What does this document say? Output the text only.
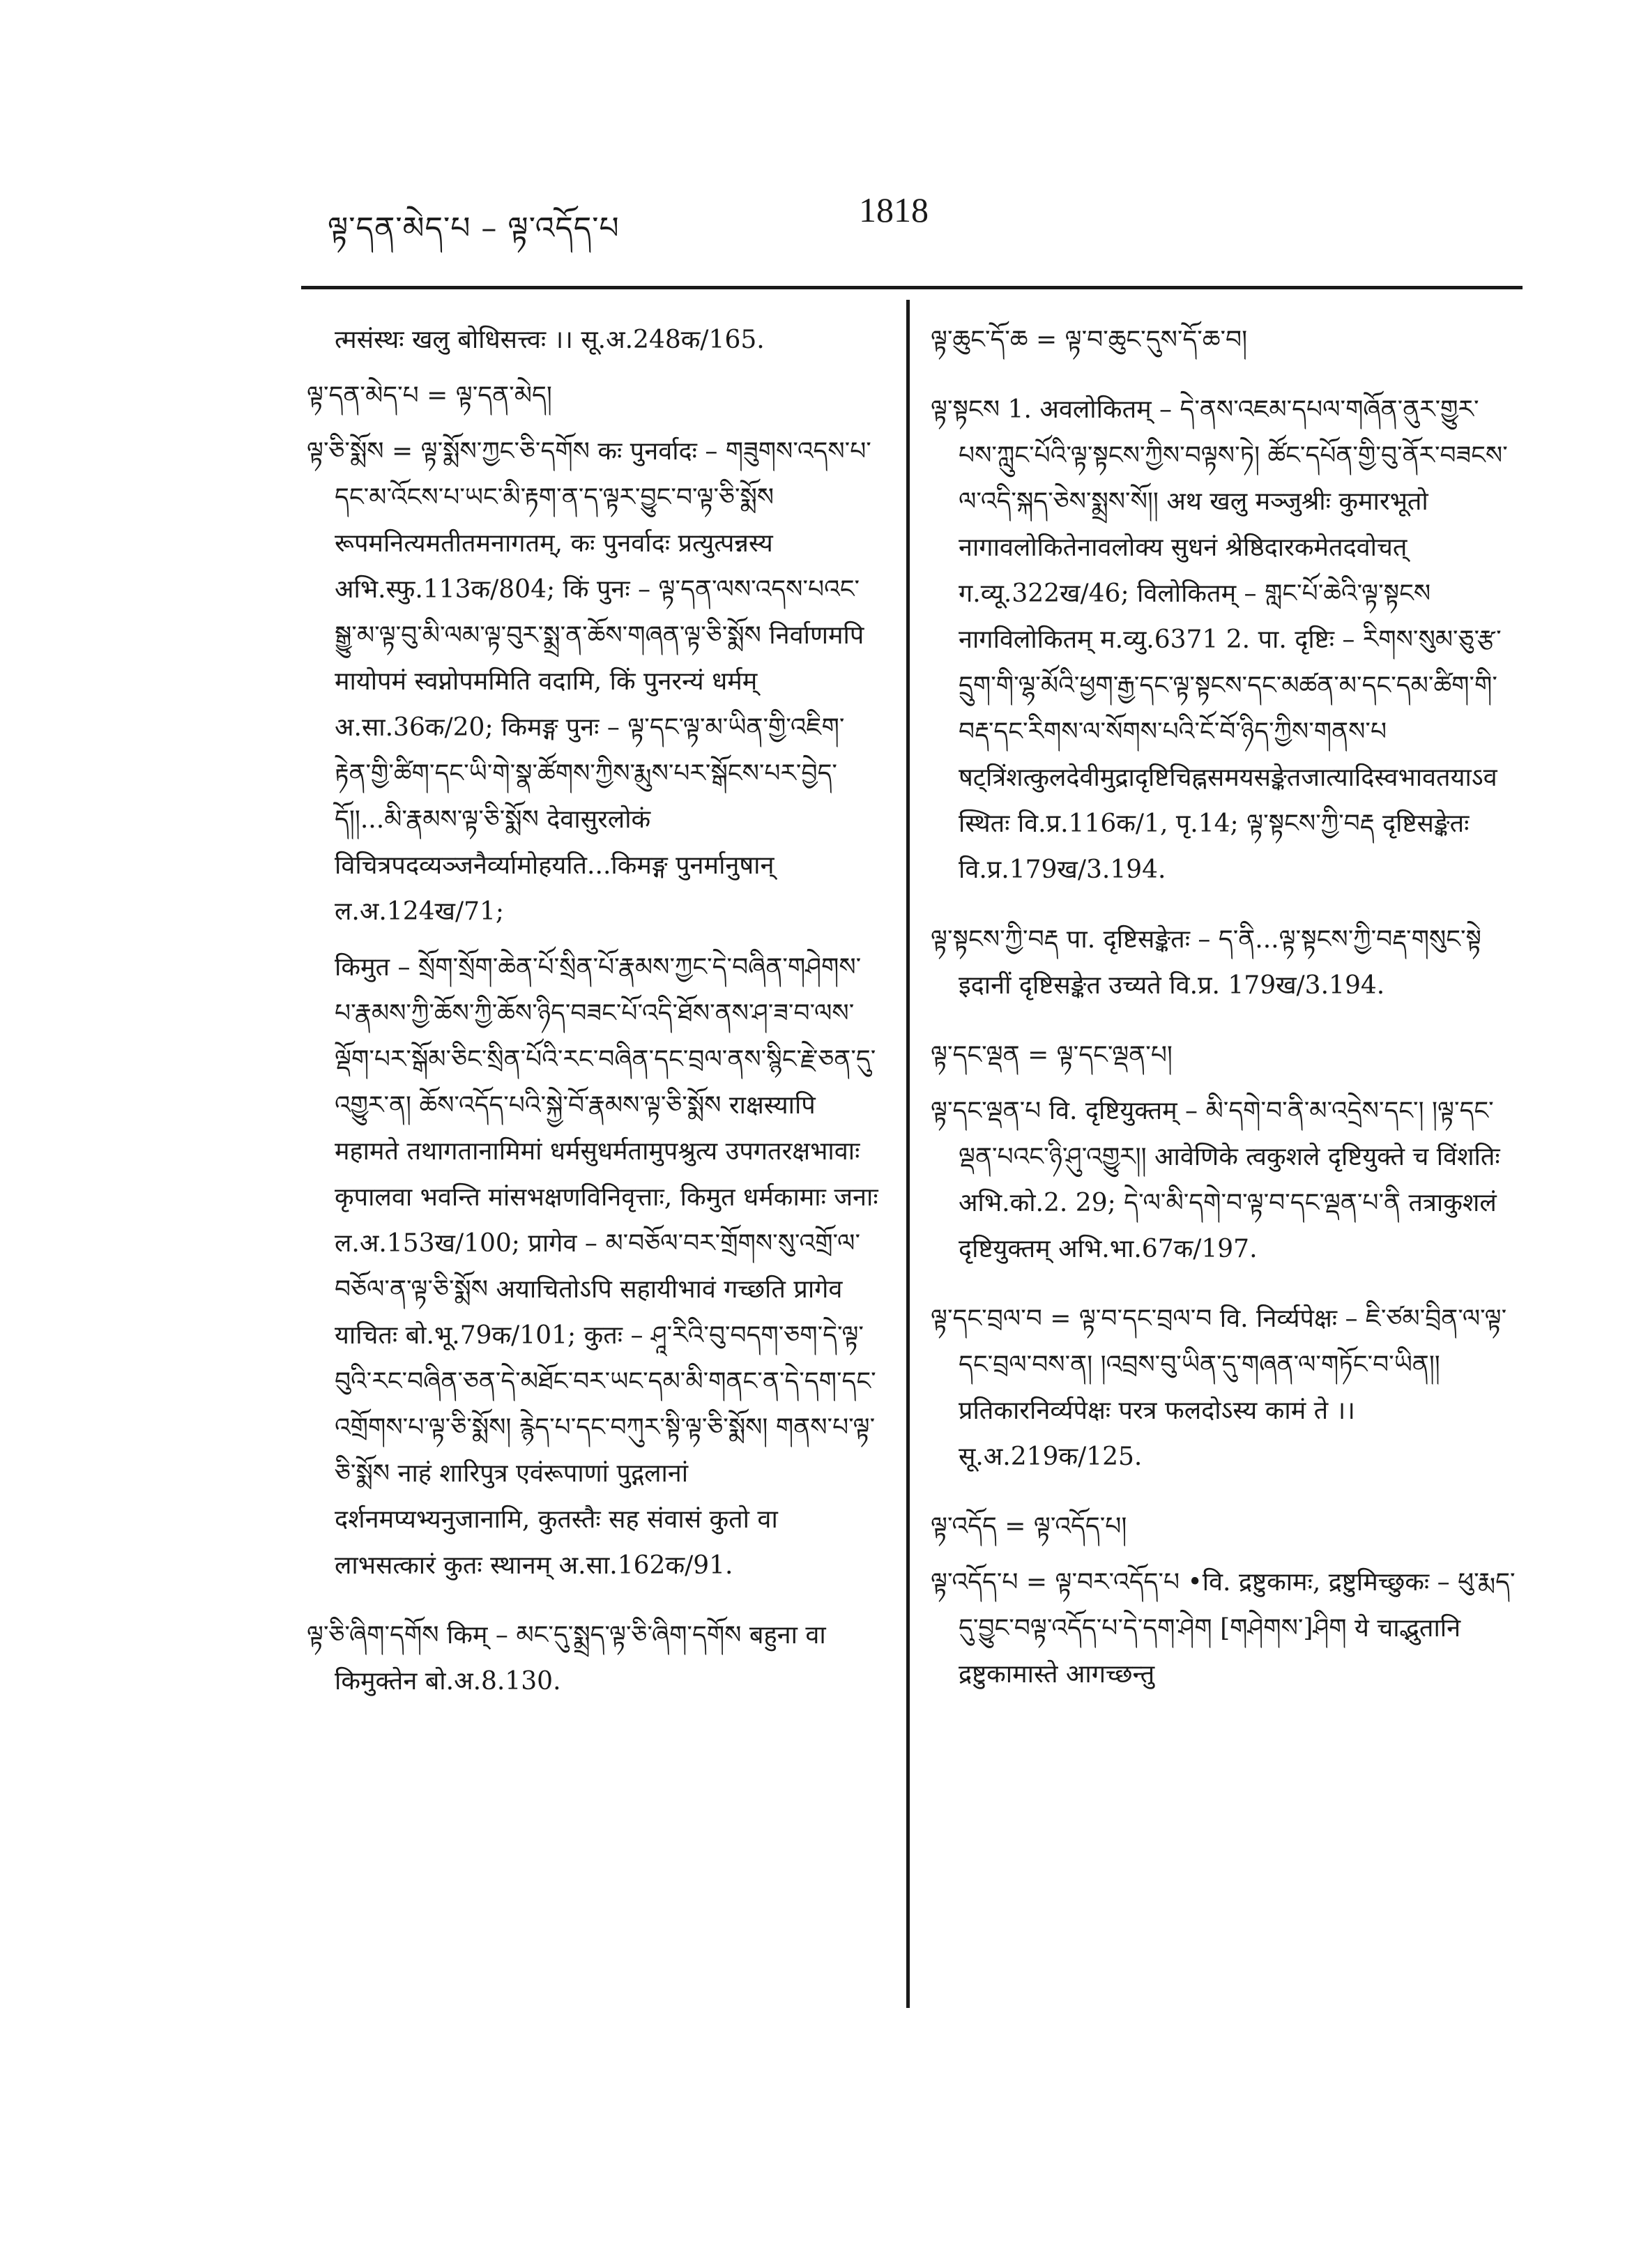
ལྟ་དན་མེད་པ – ལྟ་འདོད་པ	1818
त्मसंस्थः खलु बोधिसत्त्वः ।। सू.अ.248क/165.
ལྟ་དན་མེད་པ = ལྟ་དན་མེད།
ལྟ་ཅི་སྨོས = ལྟ་སྨོས་ཀྱང་ཅི་དགོས कः पुनर्वादः – གཟུགས་འདས་པ་དང་མ་འོངས་པ་ཡང་མི་རྟག་ན་ད་ལྟར་བྱུང་བ་ལྟ་ཅི་སྨོས रूपमनित्यमतीतमनागतम्, कः पुनर्वादः प्रत्युत्पन्नस्य अभि.स्फु.113क/804; किं पुनः – ལྟ་དན་ལས་འདས་པའང་སྒྱུ་མ་ལྟ་བུ་མི་ལམ་ལྟ་བུར་སྨྲ་ན་ཆོས་གཞན་ལྟ་ཅི་སྨོས निर्वाणमपि मायोपमं स्वप्नोपममिति वदामि, किं पुनरन्यं धर्मम् अ.सा.36क/20; किमङ्ग पुनः – ལྟ་དང་ལྟ་མ་ཡིན་གྱི་འཇིག་རྟེན་གྱི་ཚིག་དང་ཡི་གེ་སྣ་ཚོགས་ཀྱིས་རྨུས་པར་སྒོངས་པར་བྱེད་དོ།།...མི་རྣམས་ལྟ་ཅི་སྨོས देवासुरलोकं विचित्रपदव्यञ्जनैर्व्यामोहयति...किमङ्ग पुनर्मानुषान् ल.अ.124ख/71;
किमुत – སྲོག་སྲོག་ཆེན་པོ་སྲིན་པོ་རྣམས་ཀྱང་དེ་བཞིན་གཤེགས་པ་རྣམས་ཀྱི་ཆོས་ཀྱི་ཆོས་ཉིད་བཟང་པོ་འདི་ཐོས་ནས་ཤ་ཟ་བ་ལས་ལྡོག་པར་སྒོམ་ཅིང་སྲིན་པོའི་རང་བཞིན་དང་བྲལ་ནས་སྙིང་རྗེ་ཅན་དུ་འགྱུར་ན། ཆོས་འདོད་པའི་སྐྱེ་བོ་རྣམས་ལྟ་ཅི་སྨོས राक्षस्यापि महामते तथागतानामिमां धर्मसुधर्मतामुपश्रुत्य उपगतरक्षभावाः कृपालवा भवन्ति मांसभक्षणविनिवृत्ताः, किमुत धर्मकामाः जनाः ल.अ.153ख/100; प्रागेव – མ་བཅོལ་བར་གྲོགས་སུ་འགྲོ་ལ་བཅོལ་ན་ལྟ་ཅི་སྨོས अयाचितोऽपि सहायीभावं गच्छति प्रागेव याचितः बो.भू.79क/101; कुतः – ཤཱ་རིའི་བུ་བདག་ཅག་དེ་ལྟ་བུའི་རང་བཞིན་ཅན་དེ་མཐོང་བར་ཡང་དམ་མི་གནང་ན་དེ་དག་དང་འགྲོགས་པ་ལྟ་ཅི་སྨོས། རྙེད་པ་དང་བཀུར་སྟི་ལྟ་ཅི་སྨོས། གནས་པ་ལྟ་ཅི་སྨོས नाहं शारिपुत्र एवंरूपाणां पुद्गलानां दर्शनमप्यभ्यनुजानामि, कुतस्तैः सह संवासं कुतो वा लाभसत्कारं कुतः स्थानम् अ.सा.162क/91.
ལྟ་ཅི་ཞིག་དགོས किम् – མང་དུ་སྨྲད་ལྟ་ཅི་ཞིག་དགོས बहुना वा किमुक्तेन बो.अ.8.130.
ལྟ་ཆུང་དོ་ཆ = ལྟ་བ་ཆུང་དུས་དོ་ཆ་བ།
ལྟ་སྟངས 1. अवलोकितम् – དེ་ནས་འཇམ་དཔལ་གཞོན་ནུར་གྱུར་པས་ཀླུང་པོའི་ལྟ་སྟངས་ཀྱིས་བལྟས་ཏེ། ཚོང་དཔོན་གྱི་བུ་ནོར་བཟངས་ལ་འདི་སྐད་ཅེས་སྨྲས་སོ།། अथ खलु मञ्जुश्रीः कुमारभूतो नागावलोकितेनावलोक्य सुधनं श्रेष्ठिदारकमेतदवोचत् ग.व्यू.322ख/46; विलोकितम् – གླང་པོ་ཆེའི་ལྟ་སྟངས नागविलोकितम् म.व्यु.6371 2. पा. दृष्टिः – རིགས་སུམ་ཅུ་རྩ་དྲུག་གི་ལྷ་མོའི་ཕྱག་རྒྱ་དང་ལྟ་སྟངས་དང་མཚན་མ་དང་དམ་ཚིག་གི་བརྡ་དང་རིགས་ལ་སོགས་པའི་ངོ་བོ་ཉིད་ཀྱིས་གནས་པ षट्त्रिंशत्कुलदेवीमुद्रादृष्टिचिह्नसमयसङ्केतजात्यादिस्वभावतयाऽवस्थितः वि.प्र.116क/1, पृ.14; ལྟ་སྟངས་ཀྱི་བརྡ दृष्टिसङ्केतः वि.प्र.179ख/3.194.
ལྟ་སྟངས་ཀྱི་བརྡ पा. दृष्टिसङ्केतः – ད་ནི...ལྟ་སྟངས་ཀྱི་བརྡ་གསུང་སྟེ इदानीं दृष्टिसङ्केत उच्यते वि.प्र. 179ख/3.194.
ལྟ་དང་ལྡན = ལྟ་དང་ལྡན་པ།
ལྟ་དང་ལྡན་པ वि. दृष्टियुक्तम् – མི་དགེ་བ་ནི་མ་འདྲེས་དང་། །ལྟ་དང་ལྡན་པའང་ཉི་ཤུ་འགྱུར།། आवेणिके त्वकुशले दृष्टियुक्ते च विंशतिः अभि.को.2. 29; དེ་ལ་མི་དགེ་བ་ལྟ་བ་དང་ལྡན་པ་ནི तत्राकुशलं दृष्टियुक्तम् अभि.भा.67क/197.
ལྟ་དང་བྲལ་བ = ལྟ་བ་དང་བྲལ་བ वि. निर्व्यपेक्षः – ཇི་ཙམ་བྲིན་ལ་ལྟ་དང་བྲལ་བས་ན། །འབྲས་བུ་ཡིན་དུ་གཞན་ལ་གཏོང་བ་ཡིན།། प्रतिकारनिर्व्यपेक्षः परत्र फलदोऽस्य कामं ते ।। सू.अ.219क/125.
ལྟ་འདོད = ལྟ་འདོད་པ།
ལྟ་འདོད་པ = ལྟ་བར་འདོད་པ •वि. द्रष्टुकामः, द्रष्टुमिच्छुकः – ཕུ་རྨད་དུ་བྱུང་བལྟ་འདོད་པ་དེ་དག་ཤེག [གཤེགས་]ཤིག ये चाद्भुतानि द्रष्टुकामास्ते आगच्छन्तु
